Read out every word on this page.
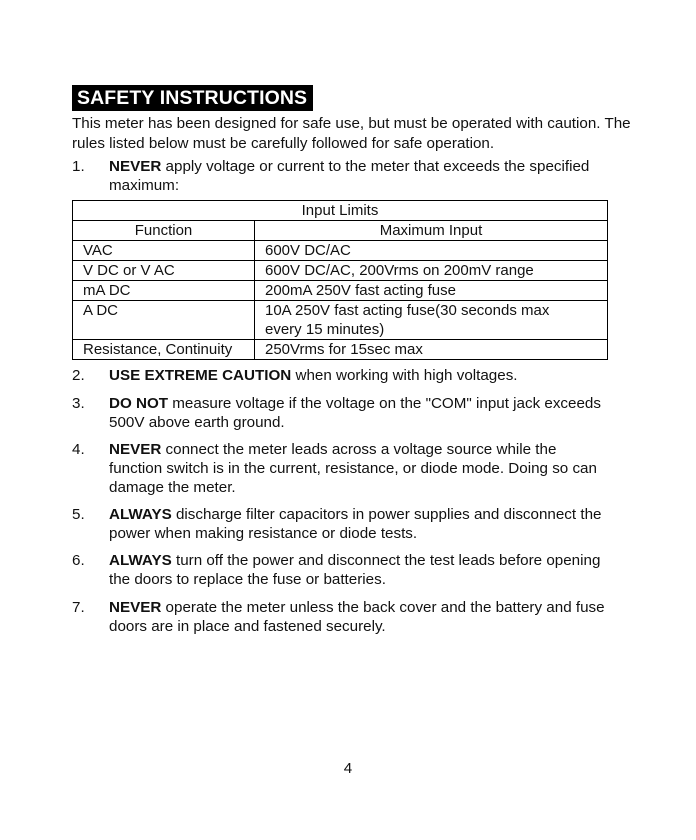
SAFETY INSTRUCTIONS
This meter has been designed for safe use, but must be operated with caution. The rules listed below must be carefully followed for safe operation.
1. NEVER apply voltage or current to the meter that exceeds the specified maximum:
Input Limits	
Function	Maximum Input
VAC	600V DC/AC
V DC or V AC	600V DC/AC, 200Vrms on 200mV range
mA DC	200mA 250V fast acting fuse
A DC	10A 250V fast acting fuse(30 seconds max every 15 minutes)
Resistance, Continuity	250Vrms for 15sec max
2. USE EXTREME CAUTION when working with high voltages.
3. DO NOT measure voltage if the voltage on the "COM" input jack exceeds 500V above earth ground.
4. NEVER connect the meter leads across a voltage source while the function switch is in the current, resistance, or diode mode. Doing so can damage the meter.
5. ALWAYS discharge filter capacitors in power supplies and disconnect the power when making resistance or diode tests.
6. ALWAYS turn off the power and disconnect the test leads before opening the doors to replace the fuse or batteries.
7. NEVER operate the meter unless the back cover and the battery and fuse doors are in place and fastened securely.
4
